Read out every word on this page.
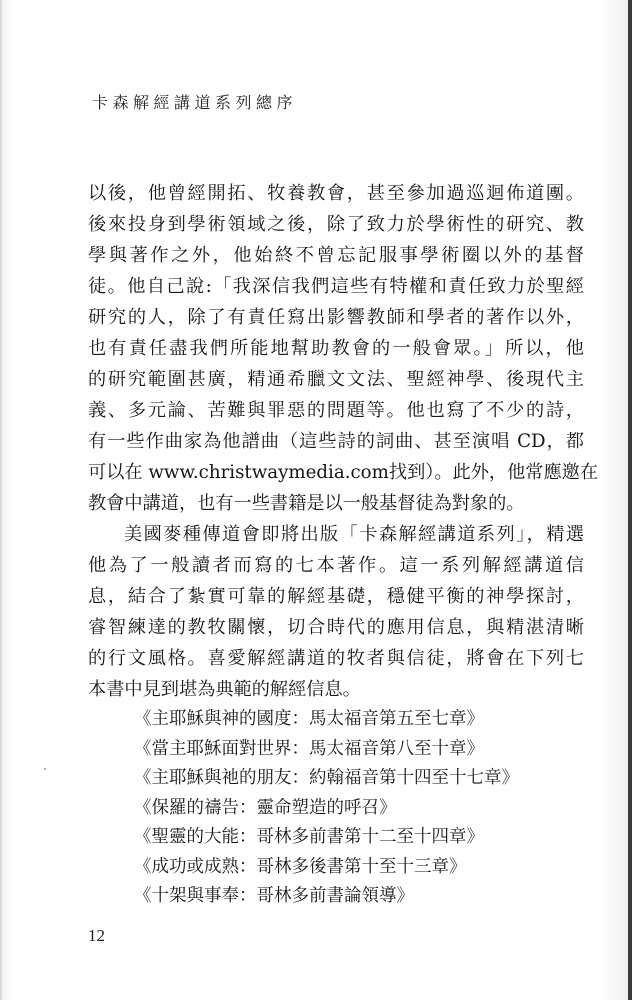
卡森解經講道系列總序

以後，他曾經開拓、牧養教會，甚至參加過巡迴佈道團。
後來投身到學術領域之後，除了致力於學術性的研究、教
學與著作之外，他始終不曾忘記服事學術圈以外的基督
徒。他自己說:「我深信我們這些有特權和責任致力於聖經
研究的人，除了有責任寫出影響教師和學者的著作以外，
也有責任盡我們所能地幫助教會的一般會眾。」所以，他
的研究範圍甚廣，精通希臘文文法、聖經神學、後現代主
義、多元論、苦難與罪惡的問題等。他也寫了不少的詩，
有一些作曲家為他譜曲（這些詩的詞曲、甚至演唱 CD，都
可以在 www.christwaymedia.com找到）。此外，他常應邀在
教會中講道，也有一些書籍是以一般基督徒為對象的。

美國麥種傳道會即將出版「卡森解經講道系列」，精選
他為了一般讀者而寫的七本著作。這一系列解經講道信
息，結合了紮實可靠的解經基礎，穩健平衡的神學探討，
睿智練達的教牧關懷，切合時代的應用信息，與精湛清晰
的行文風格。喜愛解經講道的牧者與信徒，將會在下列七
本書中見到堪為典範的解經信息。

《主耶穌與神的國度：馬太福音第五至七章》
《當主耶穌面對世界：馬太福音第八至十章》
《主耶穌與祂的朋友：約翰福音第十四至十七章》
《保羅的禱告：靈命塑造的呼召》
《聖靈的大能：哥林多前書第十二至十四章》
《成功或成熟：哥林多後書第十至十三章》
《十架與事奉：哥林多前書論領導》
12
